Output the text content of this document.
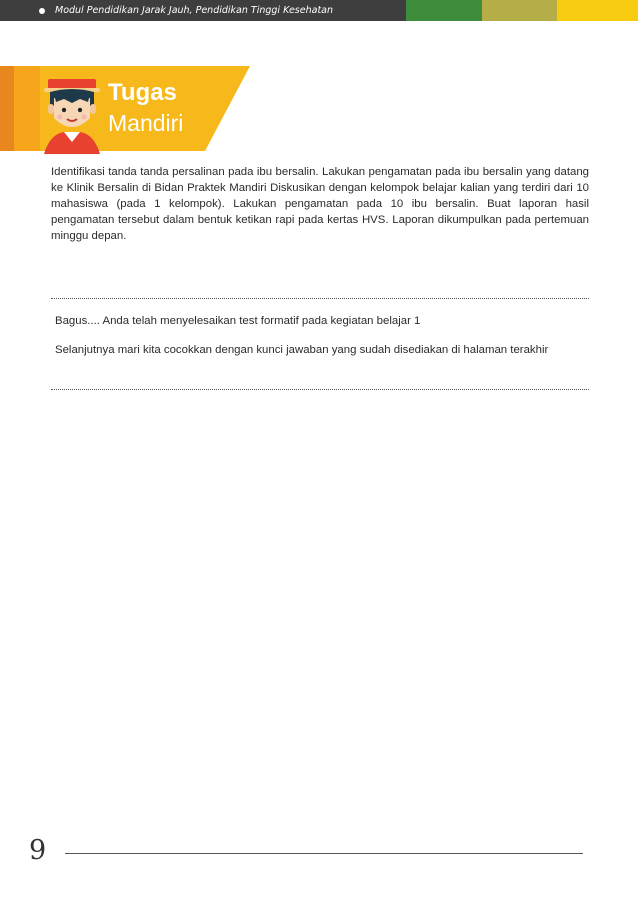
Modul Pendidikan Jarak Jauh, Pendidikan Tinggi Kesehatan
Tugas
Mandiri
Identifikasi tanda tanda persalinan pada ibu bersalin. Lakukan pengamatan pada ibu bersalin yang datang ke Klinik Bersalin di Bidan Praktek Mandiri Diskusikan dengan kelompok belajar kalian yang terdiri dari 10 mahasiswa (pada 1 kelompok). Lakukan pengamatan pada 10 ibu bersalin. Buat laporan hasil pengamatan tersebut dalam bentuk ketikan rapi pada kertas HVS. Laporan dikumpulkan pada pertemuan minggu depan.
Bagus.... Anda telah menyelesaikan test formatif pada kegiatan belajar 1
Selanjutnya mari kita cocokkan dengan kunci jawaban yang sudah disediakan di halaman terakhir
9
